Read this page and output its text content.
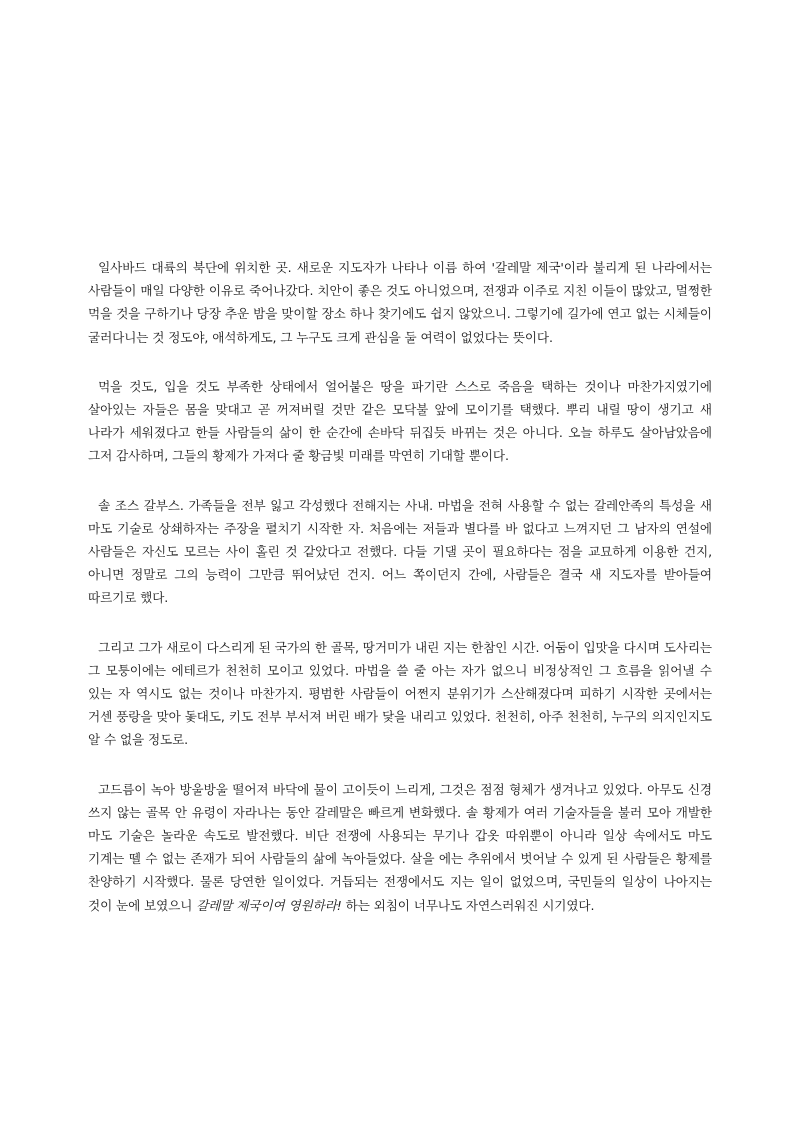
일사바드 대륙의 북단에 위치한 곳. 새로운 지도자가 나타나 이름 하여 '갈레말 제국'이라 불리게 된 나라에서는 사람들이 매일 다양한 이유로 죽어나갔다. 치안이 좋은 것도 아니었으며, 전쟁과 이주로 지친 이들이 많았고, 멀쩡한 먹을 것을 구하기나 당장 추운 밤을 맞이할 장소 하나 찾기에도 쉽지 않았으니. 그렇기에 길가에 연고 없는 시체들이 굴러다니는 것 정도야, 애석하게도, 그 누구도 크게 관심을 둘 여력이 없었다는 뜻이다.

먹을 것도, 입을 것도 부족한 상태에서 얼어붙은 땅을 파기란 스스로 죽음을 택하는 것이나 마찬가지였기에 살아있는 자들은 몸을 맞대고 곧 꺼져버릴 것만 같은 모닥불 앞에 모이기를 택했다. 뿌리 내릴 땅이 생기고 새 나라가 세워졌다고 한들 사람들의 삶이 한 순간에 손바닥 뒤집듯 바뀌는 것은 아니다. 오늘 하루도 살아남았음에 그저 감사하며, 그들의 황제가 가져다 줄 황금빛 미래를 막연히 기대할 뿐이다.

솔 조스 갈부스. 가족들을 전부 잃고 각성했다 전해지는 사내. 마법을 전혀 사용할 수 없는 갈레안족의 특성을 새 마도 기술로 상쇄하자는 주장을 펼치기 시작한 자. 처음에는 저들과 별다를 바 없다고 느껴지던 그 남자의 연설에 사람들은 자신도 모르는 사이 홀린 것 같았다고 전했다. 다들 기댈 곳이 필요하다는 점을 교묘하게 이용한 건지, 아니면 정말로 그의 능력이 그만큼 뛰어났던 건지. 어느 쪽이던지 간에, 사람들은 결국 새 지도자를 받아들여 따르기로 했다.

그리고 그가 새로이 다스리게 된 국가의 한 골목, 땅거미가 내린 지는 한참인 시간. 어둠이 입맛을 다시며 도사리는 그 모퉁이에는 에테르가 천천히 모이고 있었다. 마법을 쓸 줄 아는 자가 없으니 비정상적인 그 흐름을 읽어낼 수 있는 자 역시도 없는 것이나 마찬가지. 평범한 사람들이 어쩐지 분위기가 스산해졌다며 피하기 시작한 곳에서는 거센 풍랑을 맞아 돛대도, 키도 전부 부서져 버린 배가 닻을 내리고 있었다. 천천히, 아주 천천히, 누구의 의지인지도 알 수 없을 정도로.

고드름이 녹아 방울방울 떨어져 바닥에 물이 고이듯이 느리게, 그것은 점점 형체가 생겨나고 있었다. 아무도 신경 쓰지 않는 골목 안 유령이 자라나는 동안 갈레말은 빠르게 변화했다. 솔 황제가 여러 기술자들을 불러 모아 개발한 마도 기술은 놀라운 속도로 발전했다. 비단 전쟁에 사용되는 무기나 갑옷 따위뿐이 아니라 일상 속에서도 마도 기계는 뗄 수 없는 존재가 되어 사람들의 삶에 녹아들었다. 살을 에는 추위에서 벗어날 수 있게 된 사람들은 황제를 찬양하기 시작했다. 물론 당연한 일이었다. 거듭되는 전쟁에서도 지는 일이 없었으며, 국민들의 일상이 나아지는 것이 눈에 보였으니 갈레말 제국이여 영원하라! 하는 외침이 너무나도 자연스러워진 시기였다.
